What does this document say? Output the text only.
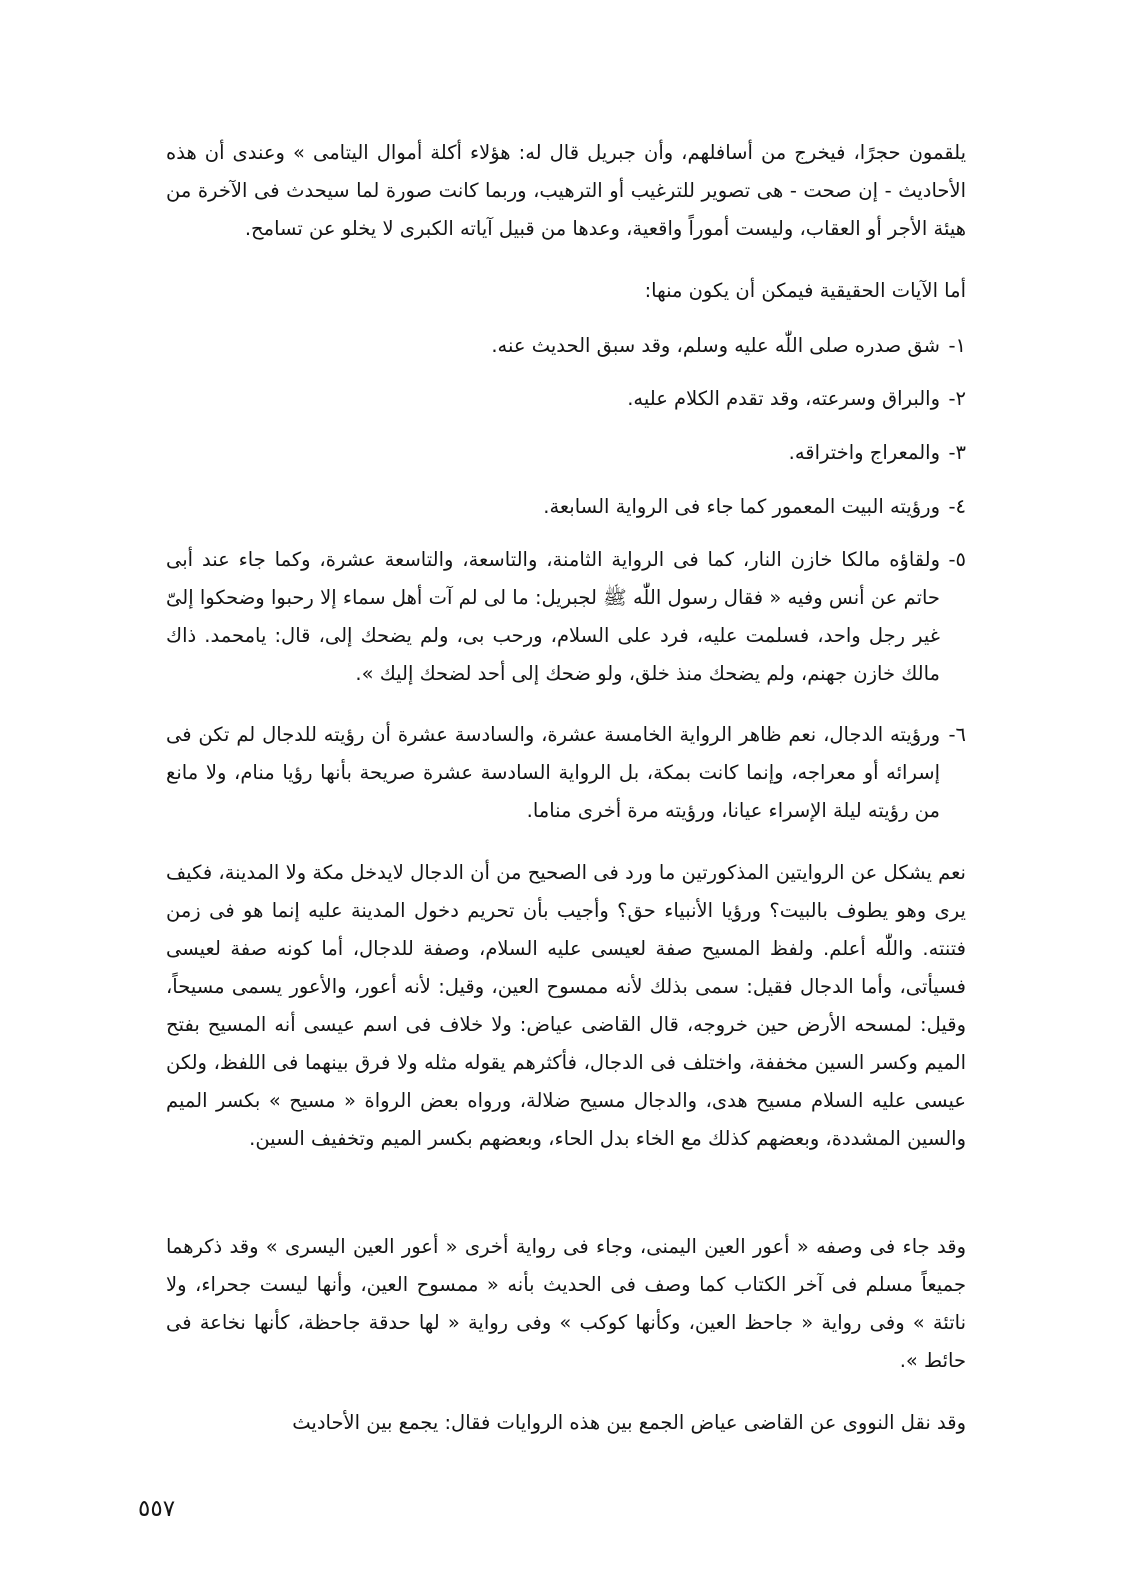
يلقمون حجرًا، فيخرج من أسافلهم، وأن جبريل قال له: هؤلاء أكلة أموال اليتامى » وعندى أن هذه الأحاديث - إن صحت - هى تصوير للترغيب أو الترهيب، وربما كانت صورة لما سيحدث فى الآخرة من هيئة الأجر أو العقاب، وليست أموراً واقعية، وعدها من قبيل آياته الكبرى لا يخلو عن تسامح.

أما الآيات الحقيقية فيمكن أن يكون منها:
١-
شق صدره صلى اللّٰه عليه وسلم، وقد سبق الحديث عنه.
٢-
والبراق وسرعته، وقد تقدم الكلام عليه.
٣-
والمعراج واختراقه.
٤-
ورؤيته البيت المعمور كما جاء فى الرواية السابعة.
٥-
ولقاؤه مالكا خازن النار، كما فى الرواية الثامنة، والتاسعة، والتاسعة عشرة، وكما جاء عند أبى حاتم عن أنس وفيه « فقال رسول اللّٰه ﷺ لجبريل: ما لى لم آت أهل سماء إلا رحبوا وضحكوا إلىّ غير رجل واحد، فسلمت عليه، فرد على السلام، ورحب بى، ولم يضحك إلى، قال: يامحمد. ذاك مالك خازن جهنم، ولم يضحك منذ خلق، ولو ضحك إلى أحد لضحك إليك ».
٦-
ورؤيته الدجال، نعم ظاهر الرواية الخامسة عشرة، والسادسة عشرة أن رؤيته للدجال لم تكن فى إسرائه أو معراجه، وإنما كانت بمكة، بل الرواية السادسة عشرة صريحة بأنها رؤيا منام، ولا مانع من رؤيته ليلة الإسراء عيانا، ورؤيته مرة أخرى مناما.

نعم يشكل عن الروايتين المذكورتين ما ورد فى الصحيح من أن الدجال لايدخل مكة ولا المدينة، فكيف يرى وهو يطوف بالبيت؟ ورؤيا الأنبياء حق؟ وأجيب بأن تحريم دخول المدينة عليه إنما هو فى زمن فتنته. واللّٰه أعلم. ولفظ المسيح صفة لعيسى عليه السلام، وصفة للدجال، أما كونه صفة لعيسى فسيأتى، وأما الدجال فقيل: سمى بذلك لأنه ممسوح العين، وقيل: لأنه أعور، والأعور يسمى مسيحاً، وقيل: لمسحه الأرض حين خروجه، قال القاضى عياض: ولا خلاف فى اسم عيسى أنه المسيح بفتح الميم وكسر السين مخففة، واختلف فى الدجال، فأكثرهم يقوله مثله ولا فرق بينهما فى اللفظ، ولكن عيسى عليه السلام مسيح هدى، والدجال مسيح ضلالة، ورواه بعض الرواة « مسيح » بكسر الميم والسين المشددة، وبعضهم كذلك مع الخاء بدل الحاء، وبعضهم بكسر الميم وتخفيف السين.

وقد جاء فى وصفه « أعور العين اليمنى، وجاء فى رواية أخرى « أعور العين اليسرى » وقد ذكرهما جميعاً مسلم فى آخر الكتاب كما وصف فى الحديث بأنه « ممسوح العين، وأنها ليست جحراء، ولا ناتئة » وفى رواية « جاحظ العين، وكأنها كوكب » وفى رواية « لها حدقة جاحظة، كأنها نخاعة فى حائط ».

وقد نقل النووى عن القاضى عياض الجمع بين هذه الروايات فقال: يجمع بين الأحاديث
٥٥٧
